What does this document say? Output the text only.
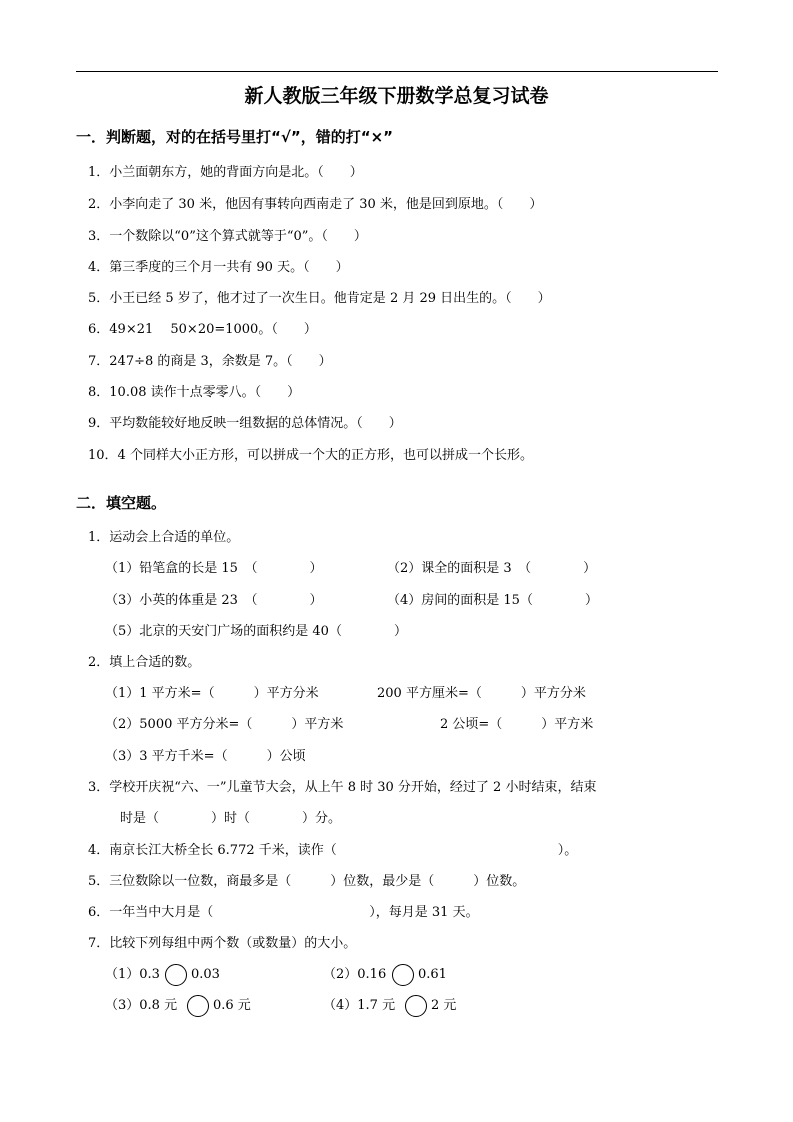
新人教版三年级下册数学总复习试卷
一．判断题，对的在括号里打“√”，错的打“×”
1．小兰面朝东方，她的背面方向是北。（　　）
2．小李向走了 30 米，他因有事转向西南走了 30 米，他是回到原地。（　　）
3．一个数除以“0”这个算式就等于“0”。（　　）
4．第三季度的三个月一共有 90 天。（　　）
5．小王已经 5 岁了，他才过了一次生日。他肯定是 2 月 29 日出生的。（　　）
6．49×21　 50×20=1000。（　　）
7．247÷8 的商是 3，余数是 7。（　　）
8．10.08 读作十点零零八。（　　）
9．平均数能较好地反映一组数据的总体情况。（　　）
10．4 个同样大小正方形，可以拼成一个大的正方形，也可以拼成一个长形。
二．填空题。
1．运动会上合适的单位。
（1）铅笔盒的长是 15　（　　　　）	（2）课全的面积是 3　（　　　　）
（3）小英的体重是 23　（　　　　）	（4）房间的面积是 15（　　　　）
（5）北京的天安门广场的面积约是 40（　　　　）
2．填上合适的数。
（1）1 平方米=（　　　）平方分米	200 平方厘米=（　　　）平方分米
（2）5000 平方分米=（　　　）平方米	2 公顷=（　　　）平方米
（3）3 平方千米=（　　　）公顷
3．学校开庆祝“六、一”儿童节大会，从上午 8 时 30 分开始，经过了 2 小时结束，结束
时是（　　　　）时（　　　　）分。
4．南京长江大桥全长 6.772 千米，读作（　　　　　　　　　　　　　　　　　）。
5．三位数除以一位数，商最多是（　　　）位数，最少是（　　　）位数。
6．一年当中大月是（　　　　　　　　　　　　），每月是 31 天。
7．比较下列每组中两个数（或数量）的大小。
（1）0.3 0.03	（2）0.16 0.61
（3）0.8 元	0.6 元	（4）1.7 元	2 元
